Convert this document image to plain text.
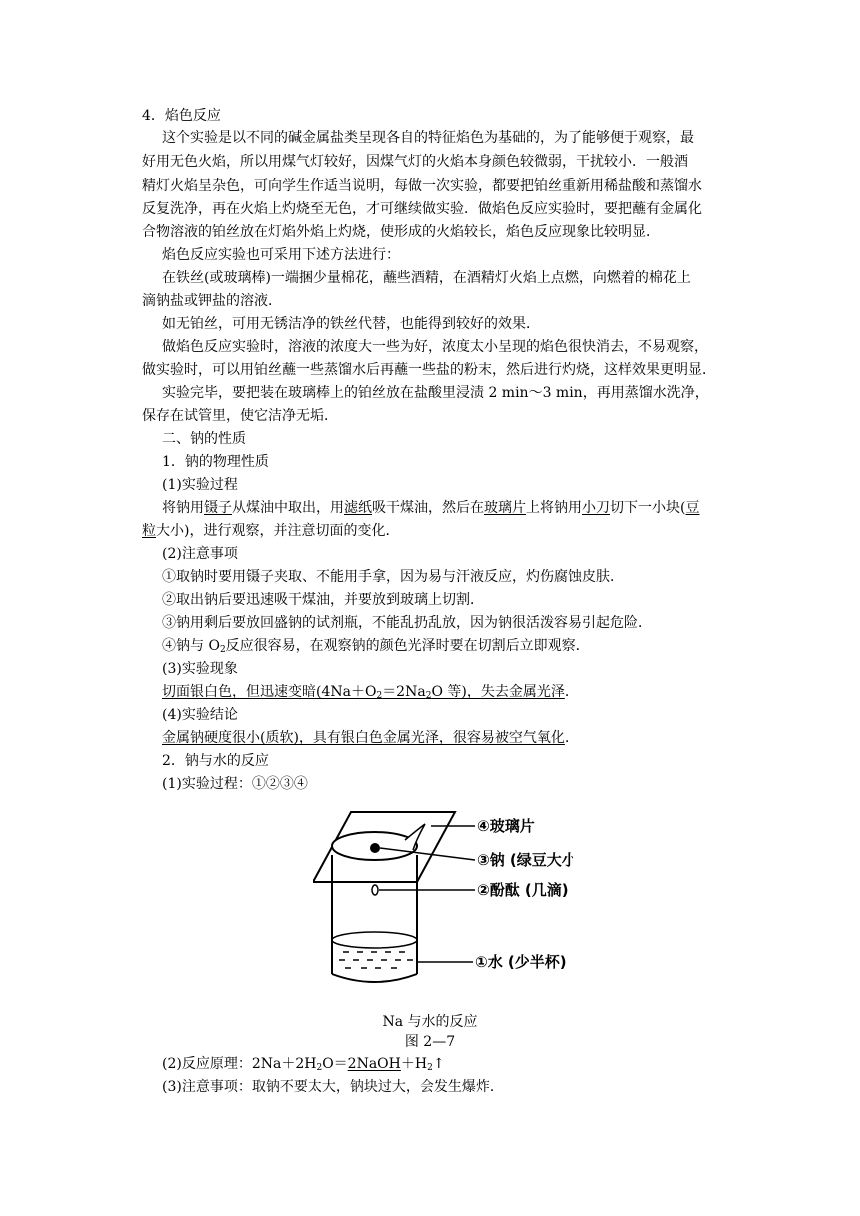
4．焰色反应
这个实验是以不同的碱金属盐类呈现各自的特征焰色为基础的，为了能够便于观察，最
好用无色火焰，所以用煤气灯较好，因煤气灯的火焰本身颜色较微弱，干扰较小．一般酒
精灯火焰呈杂色，可向学生作适当说明，每做一次实验，都要把铂丝重新用稀盐酸和蒸馏水
反复洗净，再在火焰上灼烧至无色，才可继续做实验．做焰色反应实验时，要把蘸有金属化
合物溶液的铂丝放在灯焰外焰上灼烧，使形成的火焰较长，焰色反应现象比较明显．
焰色反应实验也可采用下述方法进行：
在铁丝(或玻璃棒)一端捆少量棉花，蘸些酒精，在酒精灯火焰上点燃，向燃着的棉花上
滴钠盐或钾盐的溶液．
如无铂丝，可用无锈洁净的铁丝代替，也能得到较好的效果．
做焰色反应实验时，溶液的浓度大一些为好，浓度太小呈现的焰色很快消去，不易观察，
做实验时，可以用铂丝蘸一些蒸馏水后再蘸一些盐的粉末，然后进行灼烧，这样效果更明显．
实验完毕，要把装在玻璃棒上的铂丝放在盐酸里浸渍 2 min～3 min，再用蒸馏水洗净，
保存在试管里，使它洁净无垢．
二、钠的性质
1．钠的物理性质
(1)实验过程
将钠用镊子从煤油中取出，用滤纸吸干煤油，然后在玻璃片上将钠用小刀切下一小块(豆
粒大小)，进行观察，并注意切面的变化．
(2)注意事项
①取钠时要用镊子夹取、不能用手拿，因为易与汗液反应，灼伤腐蚀皮肤．
②取出钠后要迅速吸干煤油，并要放到玻璃上切割．
③钠用剩后要放回盛钠的试剂瓶，不能乱扔乱放，因为钠很活泼容易引起危险．
④钠与 $O_2$反应很容易，在观察钠的颜色光泽时要在切割后立即观察．
(3)实验现象
切面银白色，但迅速变暗($4Na+O_2=2Na_2O$ 等)，失去金属光泽．
(4)实验结论
金属钠硬度很小(质软)，具有银白色金属光泽，很容易被空气氧化．
2．钠与水的反应
(1)实验过程：①②③④
④玻璃片
③钠 (绿豆大小)
②酚酞 (几滴)
①水 (少半杯)
Na 与水的反应
图 2—7
(2)反应原理：$2Na+2H_2O=2NaOH+H_2↑$
(3)注意事项：取钠不要太大，钠块过大，会发生爆炸．
